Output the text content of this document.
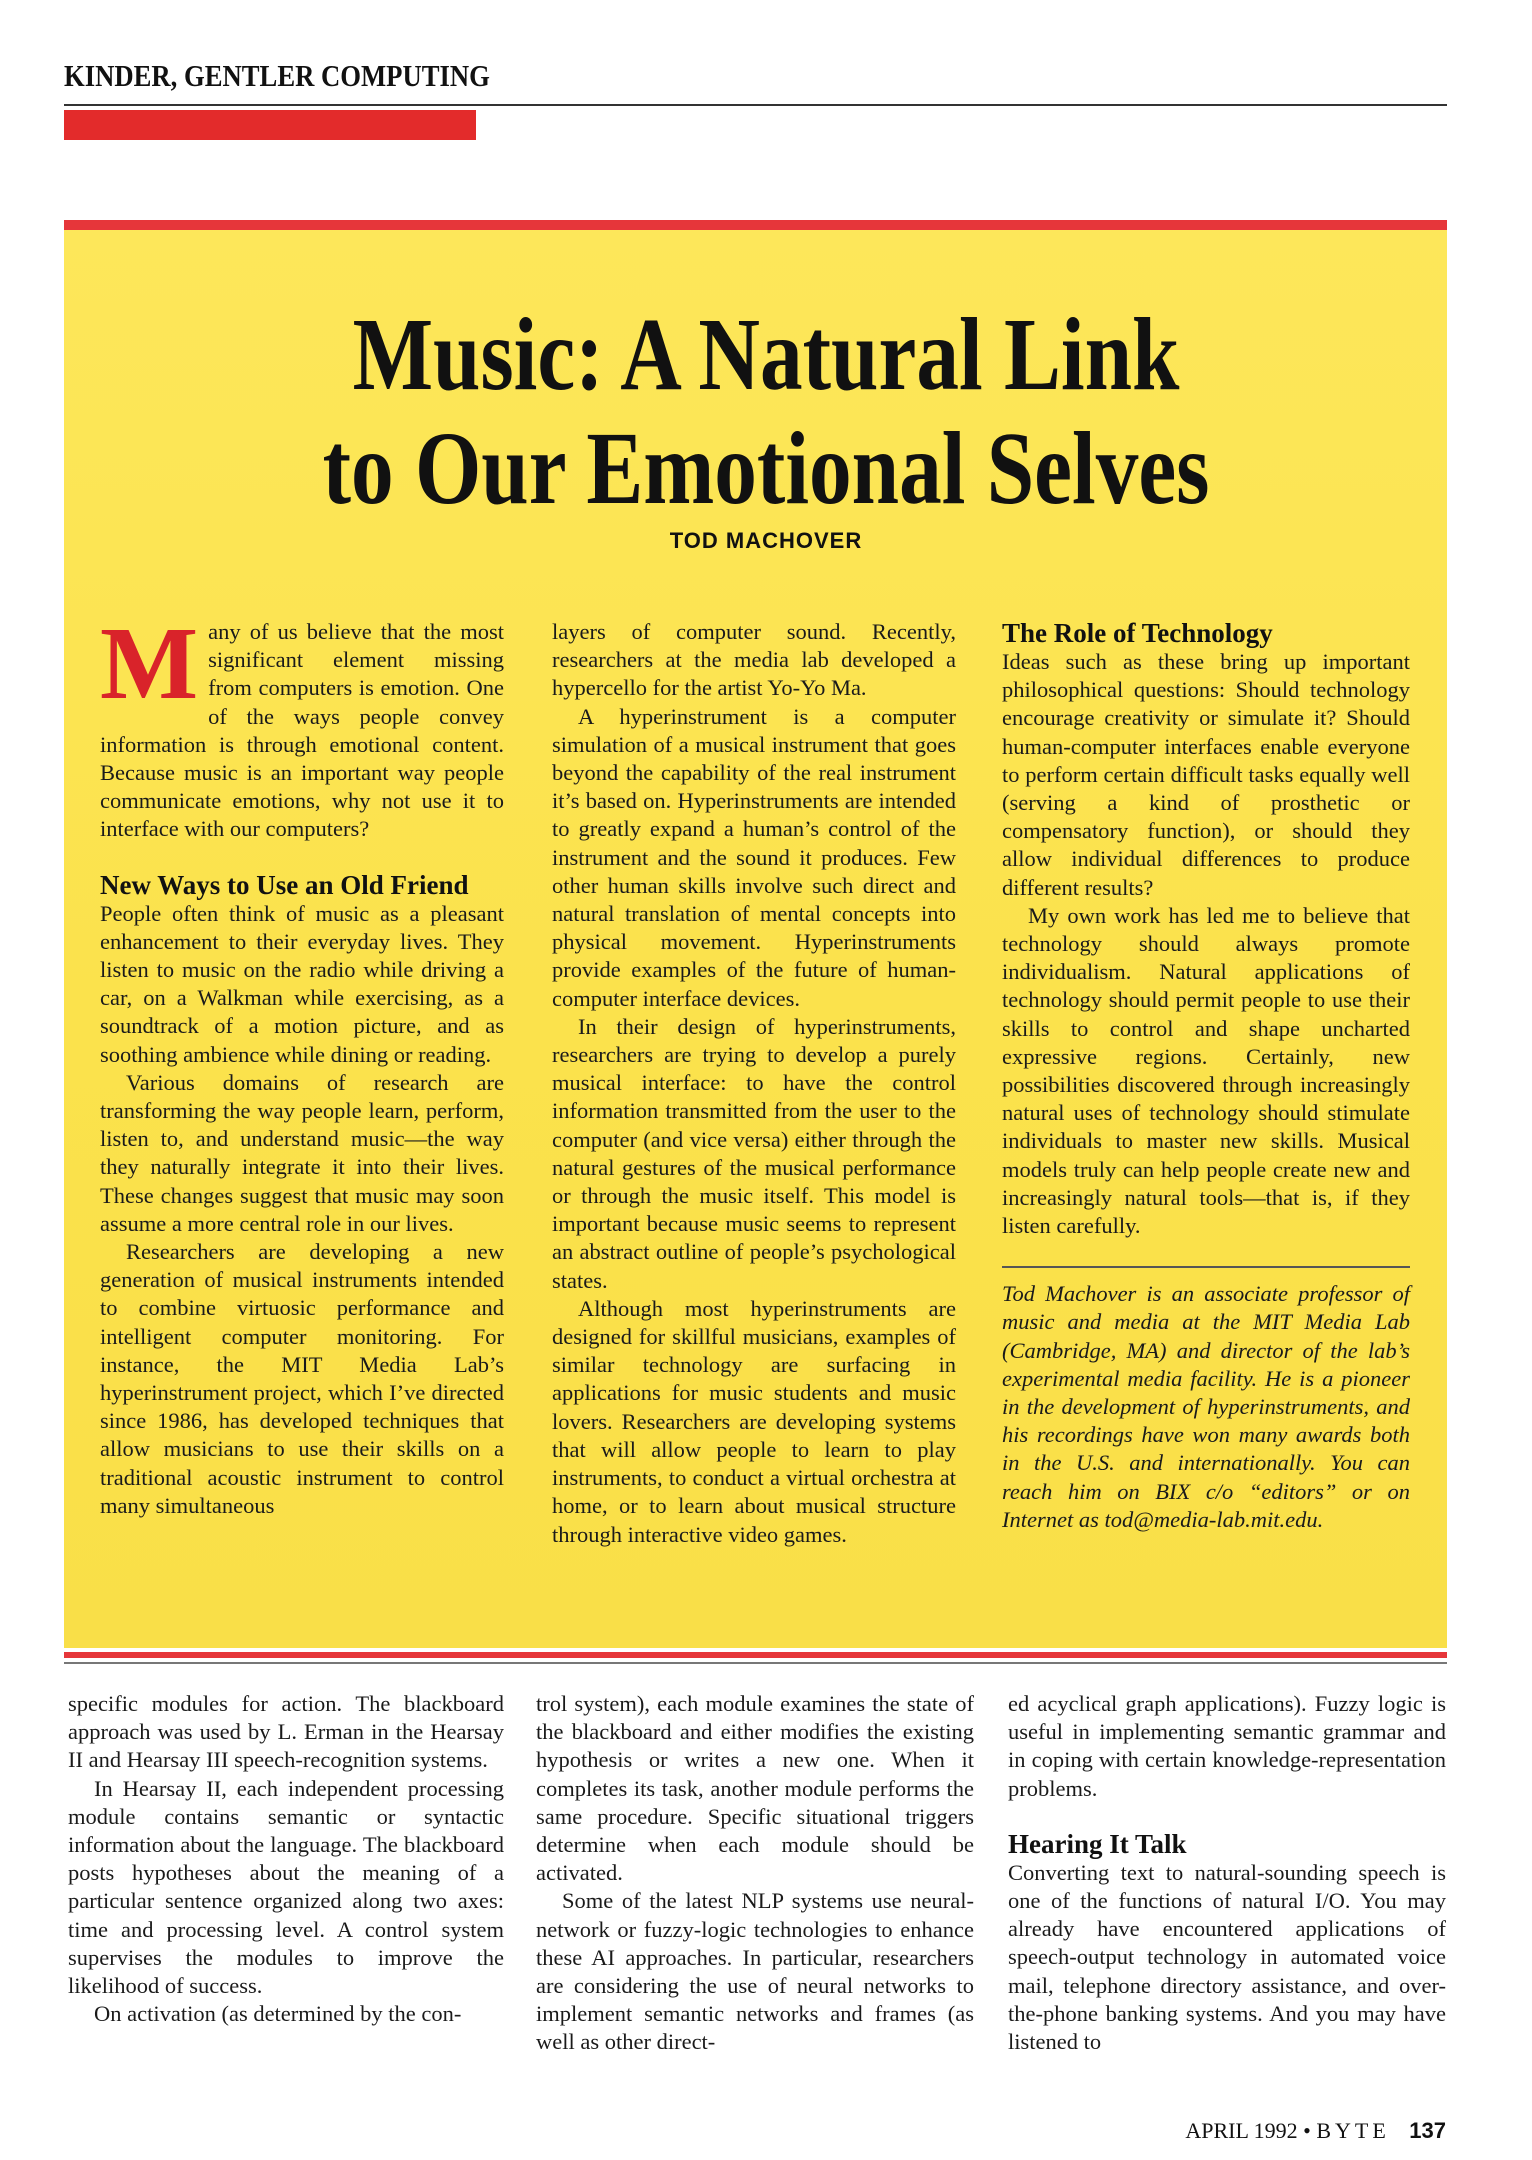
KINDER, GENTLER COMPUTING
Music: A Natural Link
to Our Emotional Selves
TOD MACHOVER

Many of us believe that the most significant element missing from computers is emotion. One of the ways people convey information is through emotional content. Because music is an important way people communicate emotions, why not use it to interface with our computers?

New Ways to Use an Old Friend

People often think of music as a pleasant enhancement to their everyday lives. They listen to music on the radio while driving a car, on a Walkman while exercising, as a soundtrack of a motion picture, and as soothing ambience while dining or reading.

Various domains of research are transforming the way people learn, perform, listen to, and understand music—the way they naturally integrate it into their lives. These changes suggest that music may soon assume a more central role in our lives.

Researchers are developing a new generation of musical instruments intended to combine virtuosic performance and intelligent computer monitoring. For instance, the MIT Media Lab’s hyperinstrument project, which I’ve directed since 1986, has developed techniques that allow musicians to use their skills on a traditional acoustic instrument to control many simultaneous

layers of computer sound. Recently, researchers at the media lab developed a hypercello for the artist Yo-Yo Ma.

A hyperinstrument is a computer simulation of a musical instrument that goes beyond the capability of the real instrument it’s based on. Hyperinstruments are intended to greatly expand a human’s control of the instrument and the sound it produces. Few other human skills involve such direct and natural translation of mental concepts into physical movement. Hyperinstruments provide examples of the future of human-computer interface devices.

In their design of hyperinstruments, researchers are trying to develop a purely musical interface: to have the control information transmitted from the user to the computer (and vice versa) either through the natural gestures of the musical performance or through the music itself. This model is important because music seems to represent an abstract outline of people’s psychological states.

Although most hyperinstruments are designed for skillful musicians, examples of similar technology are surfacing in applications for music students and music lovers. Researchers are developing systems that will allow people to learn to play instruments, to conduct a virtual orchestra at home, or to learn about musical structure through interactive video games.

The Role of Technology

Ideas such as these bring up important philosophical questions: Should technology encourage creativity or simulate it? Should human-computer interfaces enable everyone to perform certain difficult tasks equally well (serving a kind of prosthetic or compensatory function), or should they allow individual differences to produce different results?

My own work has led me to believe that technology should always promote individualism. Natural applications of technology should permit people to use their skills to control and shape uncharted expressive regions. Certainly, new possibilities discovered through increasingly natural uses of technology should stimulate individuals to master new skills. Musical models truly can help people create new and increasingly natural tools—that is, if they listen carefully.

Tod Machover is an associate professor of music and media at the MIT Media Lab (Cambridge, MA) and director of the lab’s experimental media facility. He is a pioneer in the development of hyperinstruments, and his recordings have won many awards both in the U.S. and internationally. You can reach him on BIX c/o “editors” or on Internet as tod@media-lab.mit.edu.

specific modules for action. The blackboard approach was used by L. Erman in the Hearsay II and Hearsay III speech-recognition systems.

In Hearsay II, each independent processing module contains semantic or syntactic information about the language. The blackboard posts hypotheses about the meaning of a particular sentence organized along two axes: time and processing level. A control system supervises the modules to improve the likelihood of success.

On activation (as determined by the con-

trol system), each module examines the state of the blackboard and either modifies the existing hypothesis or writes a new one. When it completes its task, another module performs the same procedure. Specific situational triggers determine when each module should be activated.

Some of the latest NLP systems use neural-network or fuzzy-logic technologies to enhance these AI approaches. In particular, researchers are considering the use of neural networks to implement semantic networks and frames (as well as other direct-

ed acyclical graph applications). Fuzzy logic is useful in implementing semantic grammar and in coping with certain knowledge-representation problems.

Hearing It Talk

Converting text to natural-sounding speech is one of the functions of natural I/O. You may already have encountered applications of speech-output technology in automated voice mail, telephone directory assistance, and over-the-phone banking systems. And you may have listened to

APRIL 1992 • BYTE 137
